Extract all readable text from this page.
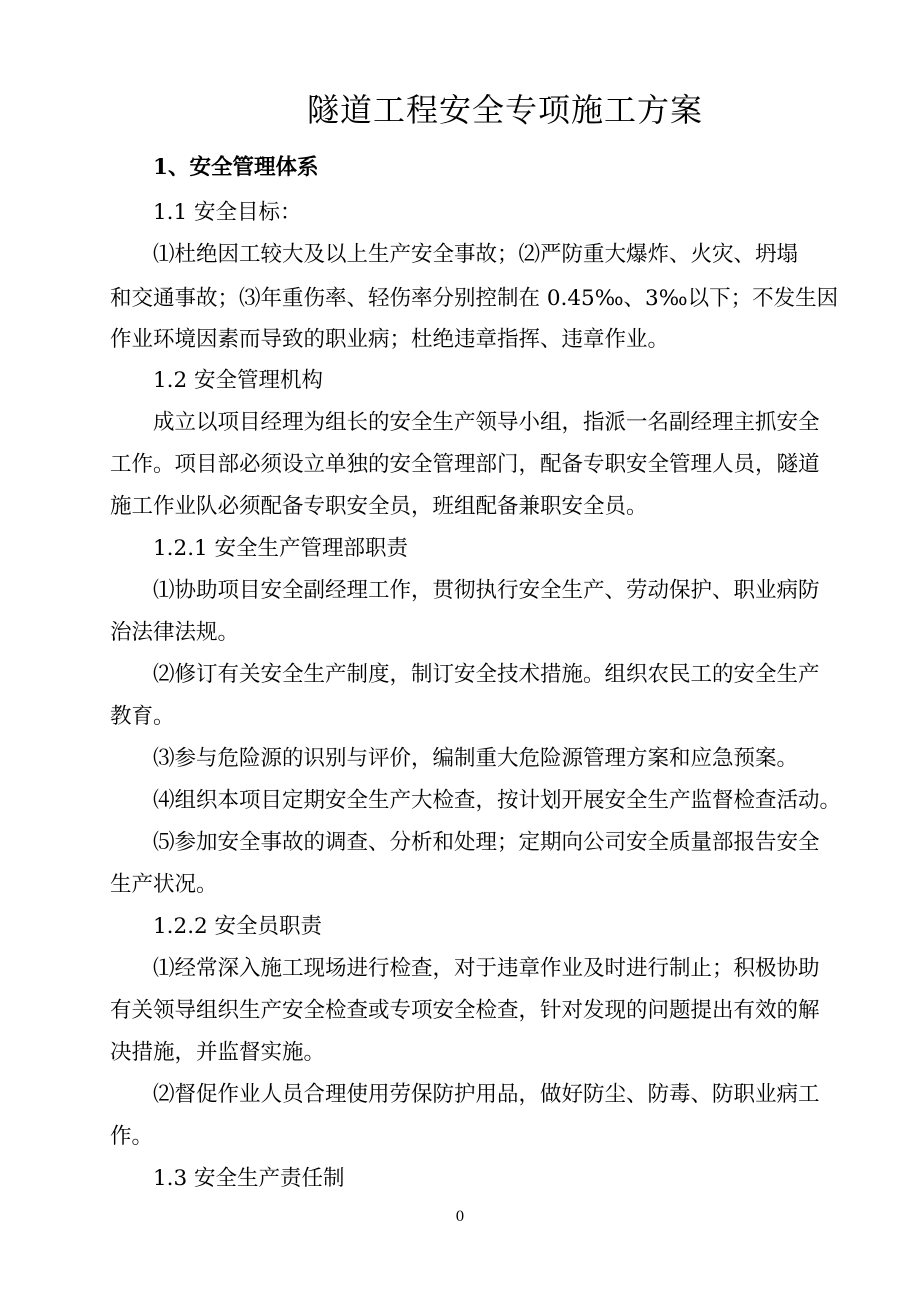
隧道工程安全专项施工方案
1、安全管理体系
1.1 安全目标：
⑴杜绝因工较大及以上生产安全事故；⑵严防重大爆炸、火灾、坍塌
和交通事故；⑶年重伤率、轻伤率分别控制在 0.45‰、3‰以下；不发生因
作业环境因素而导致的职业病；杜绝违章指挥、违章作业。
1.2 安全管理机构
成立以项目经理为组长的安全生产领导小组，指派一名副经理主抓安全
工作。项目部必须设立单独的安全管理部门，配备专职安全管理人员，隧道
施工作业队必须配备专职安全员，班组配备兼职安全员。
1.2.1 安全生产管理部职责
⑴协助项目安全副经理工作，贯彻执行安全生产、劳动保护、职业病防
治法律法规。
⑵修订有关安全生产制度，制订安全技术措施。组织农民工的安全生产
教育。
⑶参与危险源的识别与评价，编制重大危险源管理方案和应急预案。
⑷组织本项目定期安全生产大检查，按计划开展安全生产监督检查活动。
⑸参加安全事故的调查、分析和处理；定期向公司安全质量部报告安全
生产状况。
1.2.2 安全员职责
⑴经常深入施工现场进行检查，对于违章作业及时进行制止；积极协助
有关领导组织生产安全检查或专项安全检查，针对发现的问题提出有效的解
决措施，并监督实施。
⑵督促作业人员合理使用劳保防护用品，做好防尘、防毒、防职业病工
作。
1.3 安全生产责任制
0
